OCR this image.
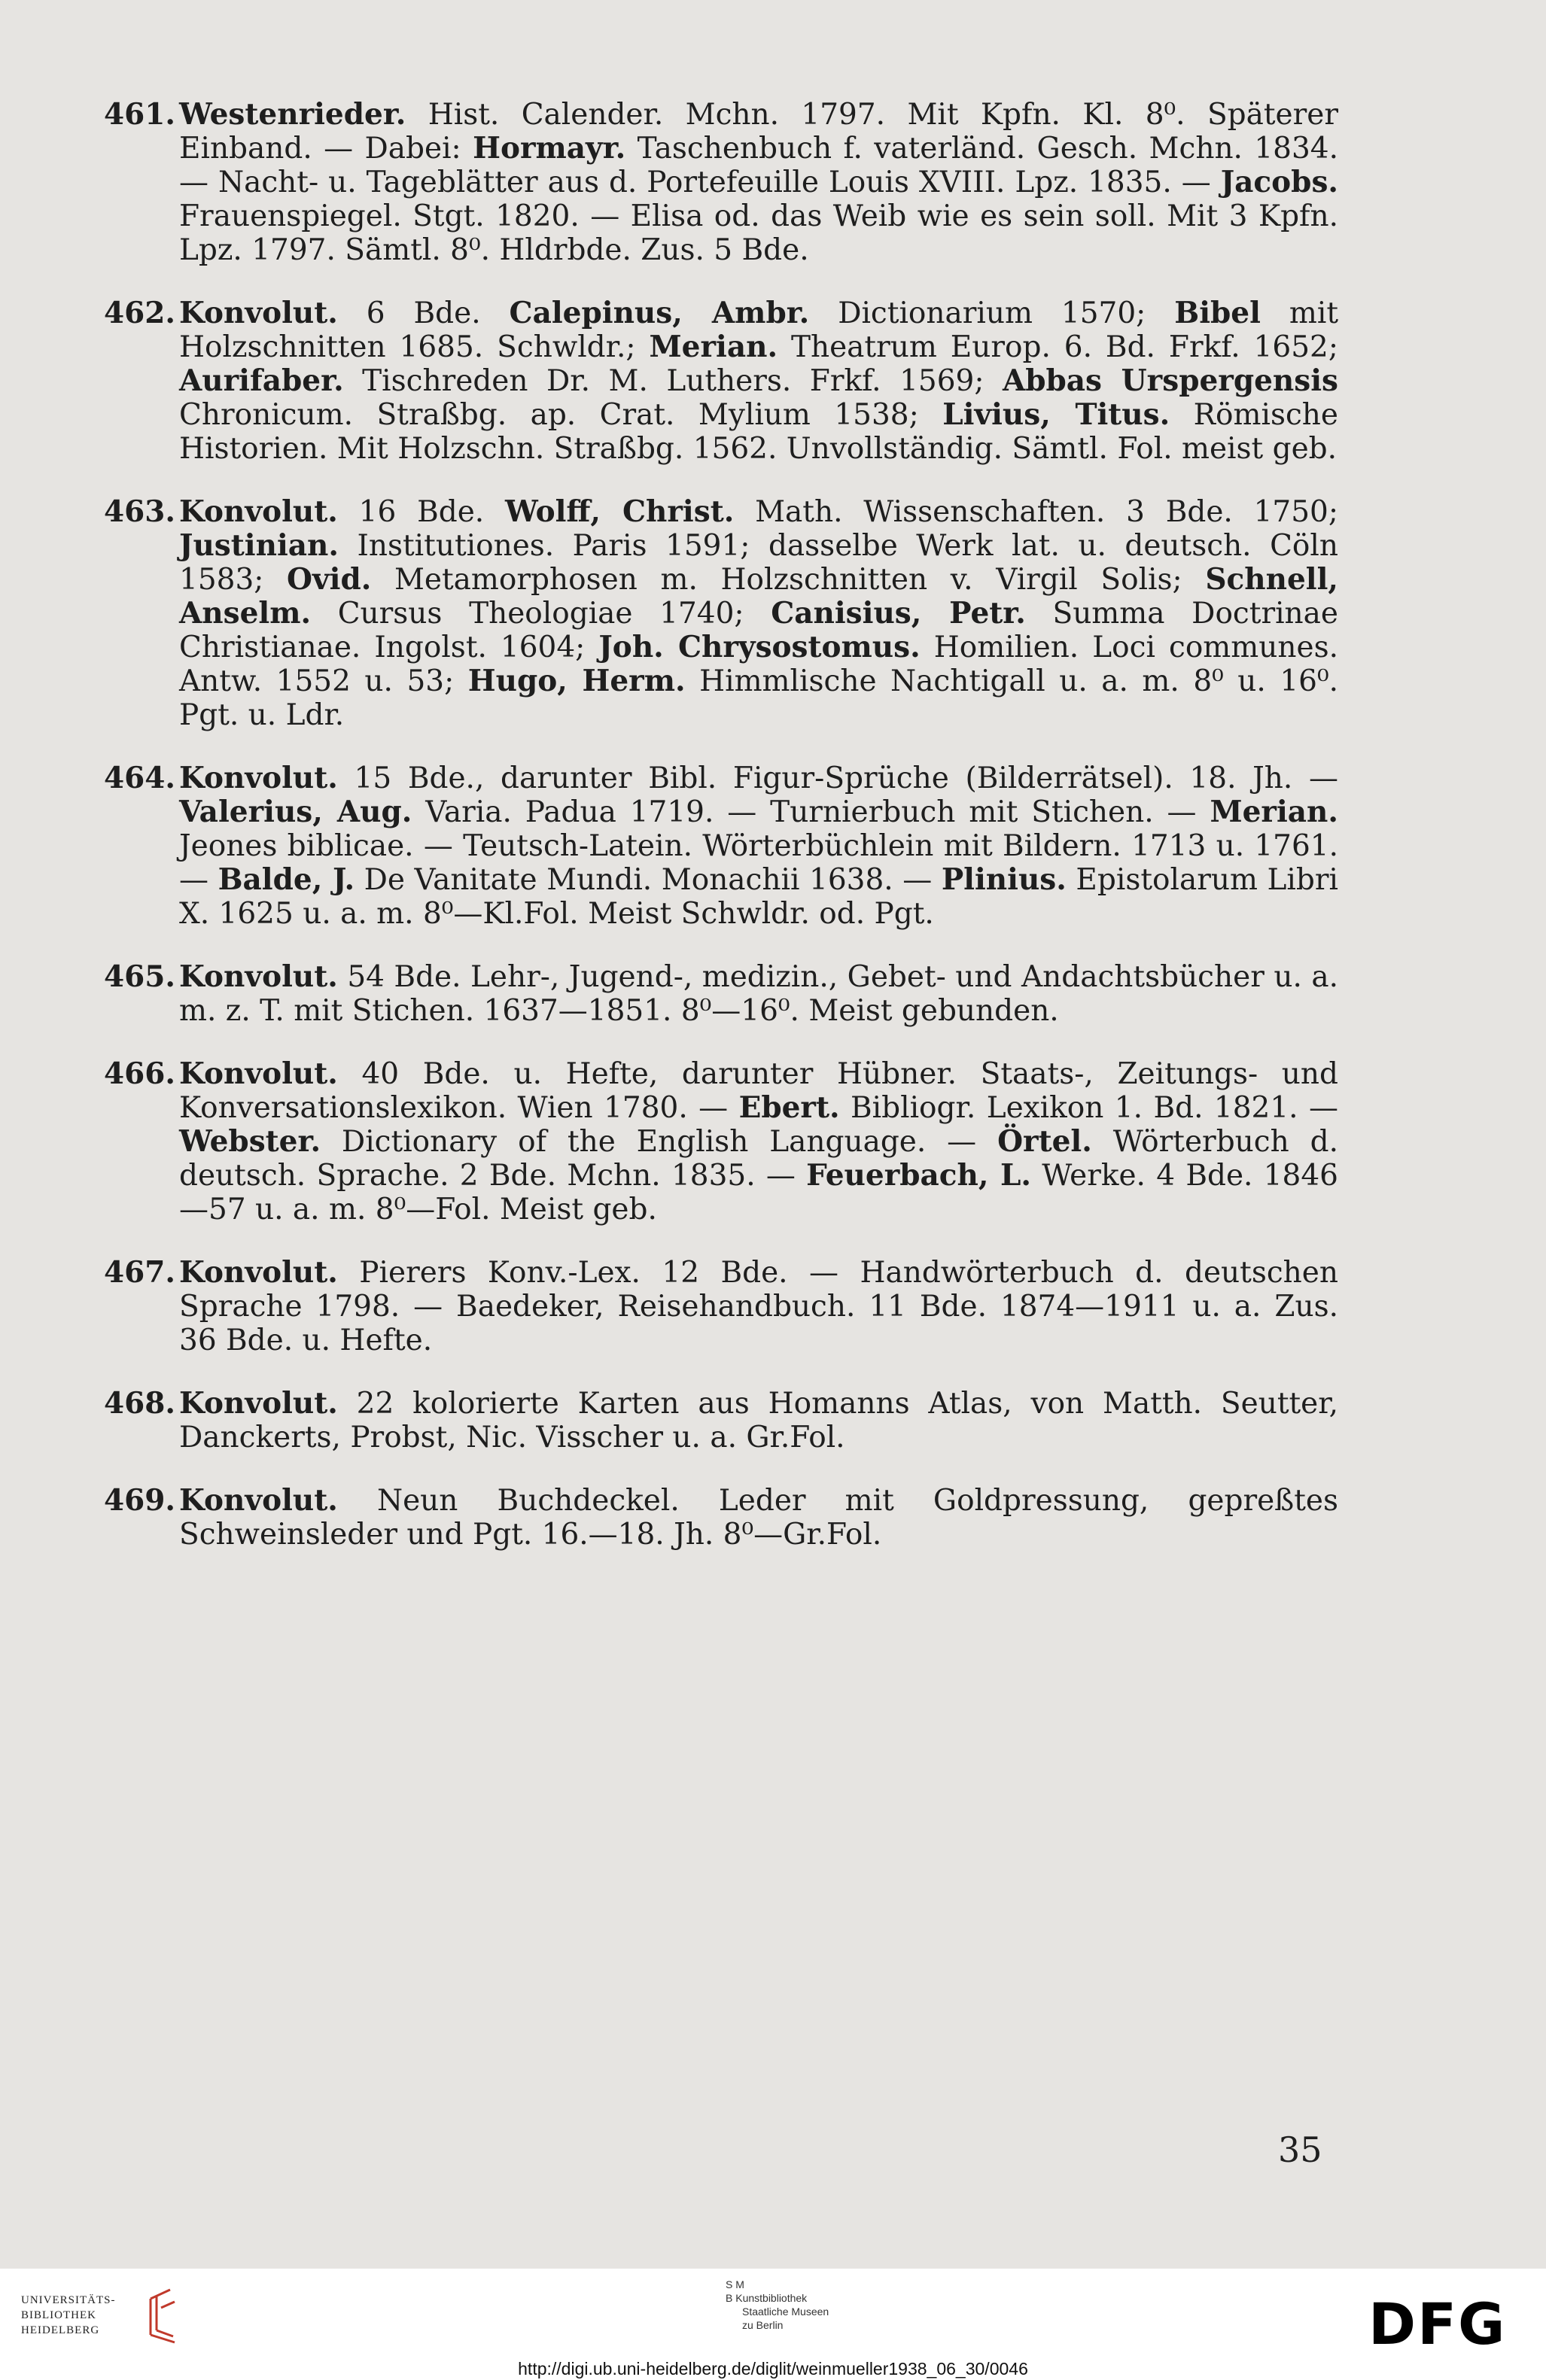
461. Westenrieder. Hist. Calender. Mchn. 1797. Mit Kpfn. Kl. 8⁰. Späterer Einband. — Dabei: Hormayr. Taschenbuch f. vaterländ. Gesch. Mchn. 1834. — Nacht- u. Tageblätter aus d. Portefeuille Louis XVIII. Lpz. 1835. — Jacobs. Frauenspiegel. Stgt. 1820. — Elisa od. das Weib wie es sein soll. Mit 3 Kpfn. Lpz. 1797. Sämtl. 8⁰. Hldrbde. Zus. 5 Bde.
462. Konvolut. 6 Bde. Calepinus, Ambr. Dictionarium 1570; Bibel mit Holzschnitten 1685. Schwldr.; Merian. Theatrum Europ. 6. Bd. Frkf. 1652; Aurifaber. Tischreden Dr. M. Luthers. Frkf. 1569; Abbas Urspergensis Chronicum. Straßbg. ap. Crat. Mylium 1538; Livius, Titus. Römische Historien. Mit Holzschn. Straßbg. 1562. Unvollständig. Sämtl. Fol. meist geb.
463. Konvolut. 16 Bde. Wolff, Christ. Math. Wissenschaften. 3 Bde. 1750; Justinian. Institutiones. Paris 1591; dasselbe Werk lat. u. deutsch. Cöln 1583; Ovid. Metamorphosen m. Holzschnitten v. Virgil Solis; Schnell, Anselm. Cursus Theologiae 1740; Canisius, Petr. Summa Doctrinae Christianae. Ingolst. 1604; Joh. Chrysostomus. Homilien. Loci communes. Antw. 1552 u. 53; Hugo, Herm. Himmlische Nachtigall u. a. m. 8⁰ u. 16⁰. Pgt. u. Ldr.
464. Konvolut. 15 Bde., darunter Bibl. Figur-Sprüche (Bilderrätsel). 18. Jh. — Valerius, Aug. Varia. Padua 1719. — Turnierbuch mit Stichen. — Merian. Jeones biblicae. — Teutsch-Latein. Wörterbüchlein mit Bildern. 1713 u. 1761. — Balde, J. De Vanitate Mundi. Monachii 1638. — Plinius. Epistolarum Libri X. 1625 u. a. m. 8⁰—Kl.Fol. Meist Schwldr. od. Pgt.
465. Konvolut. 54 Bde. Lehr-, Jugend-, medizin., Gebet- und Andachtsbücher u. a. m. z. T. mit Stichen. 1637—1851. 8⁰—16⁰. Meist gebunden.
466. Konvolut. 40 Bde. u. Hefte, darunter Hübner. Staats-, Zeitungs- und Konversationslexikon. Wien 1780. — Ebert. Bibliogr. Lexikon 1. Bd. 1821. — Webster. Dictionary of the English Language. — Örtel. Wörterbuch d. deutsch. Sprache. 2 Bde. Mchn. 1835. — Feuerbach, L. Werke. 4 Bde. 1846—57 u. a. m. 8⁰—Fol. Meist geb.
467. Konvolut. Pierers Konv.-Lex. 12 Bde. — Handwörterbuch d. deutschen Sprache 1798. — Baedeker, Reisehandbuch. 11 Bde. 1874—1911 u. a. Zus. 36 Bde. u. Hefte.
468. Konvolut. 22 kolorierte Karten aus Homanns Atlas, von Matth. Seutter, Danckerts, Probst, Nic. Visscher u. a. Gr.Fol.
469. Konvolut. Neun Buchdeckel. Leder mit Goldpressung, gepreßtes Schweinsleder und Pgt. 16.—18. Jh. 8⁰—Gr.Fol.
35
UNIVERSITÄTS-
BIBLIOTHEK
HEIDELBERG
S M
B Kunstbibliothek
Staatliche Museen
zu Berlin	DFG
http://digi.ub.uni-heidelberg.de/diglit/weinmueller1938_06_30/0046
